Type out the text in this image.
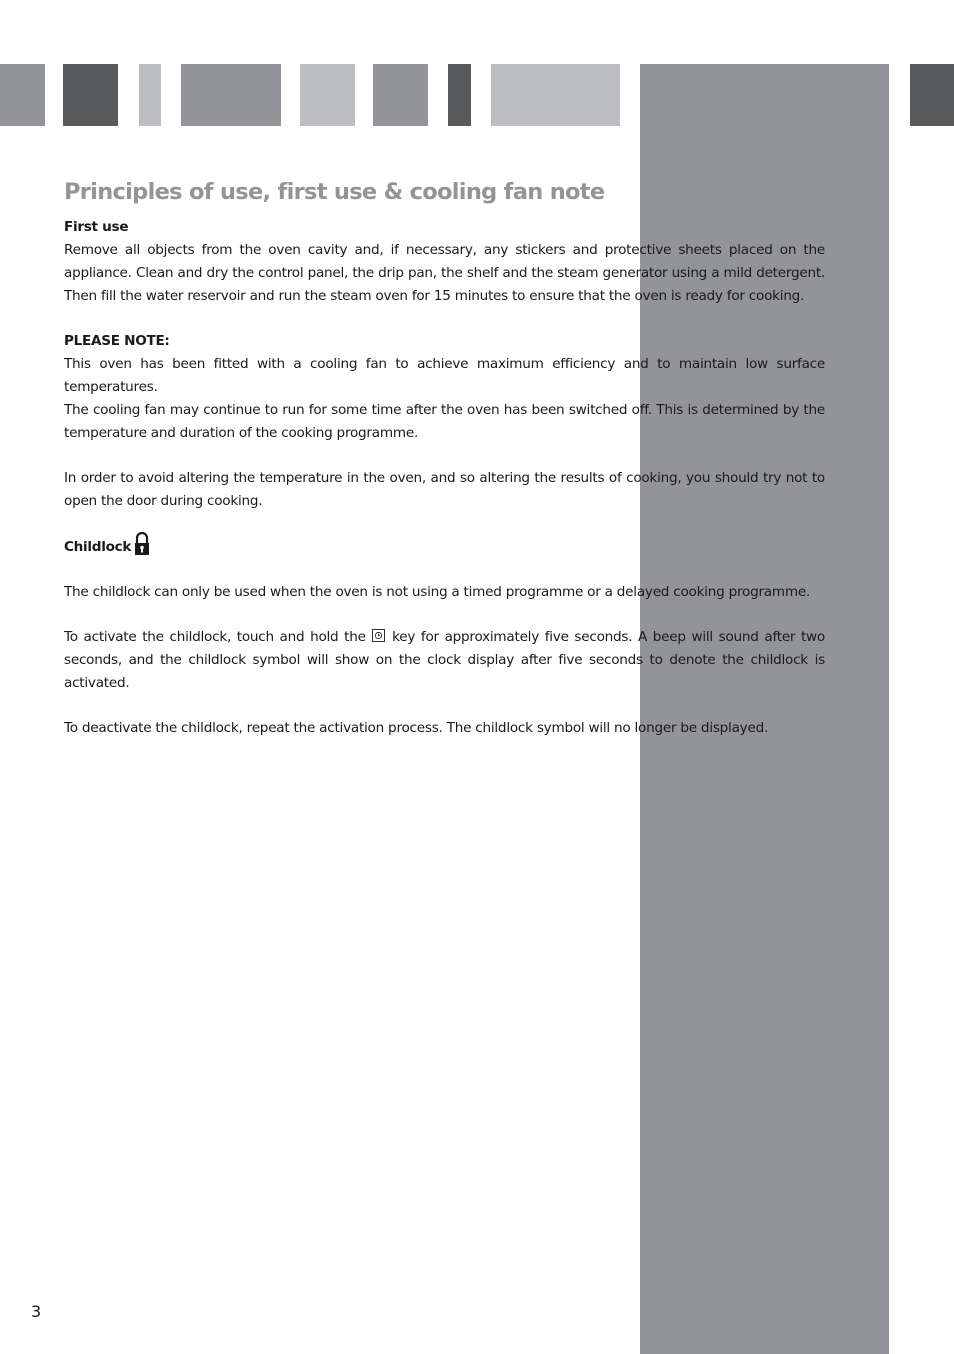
Principles of use, first use & cooling fan note
First use

Remove all objects from the oven cavity and, if necessary, any stickers and protective sheets placed on the appliance. Clean and dry the control panel, the drip pan, the shelf and the steam generator using a mild detergent. Then fill the water reservoir and run the steam oven for 15 minutes to ensure that the oven is ready for cooking.

PLEASE NOTE:

This oven has been fitted with a cooling fan to achieve maximum efficiency and to maintain low surface temperatures.

The cooling fan may continue to run for some time after the oven has been switched off. This is determined by the temperature and duration of the cooking programme.

In order to avoid altering the temperature in the oven, and so altering the results of cooking, you should try not to open the door during cooking.

Childlock

The childlock can only be used when the oven is not using a timed programme or a delayed cooking programme.

To activate the childlock, touch and hold the key for approximately five seconds. A beep will sound after two seconds, and the childlock symbol will show on the clock display after five seconds to denote the childlock is activated.

To deactivate the childlock, repeat the activation process. The childlock symbol will no longer be displayed.

3
